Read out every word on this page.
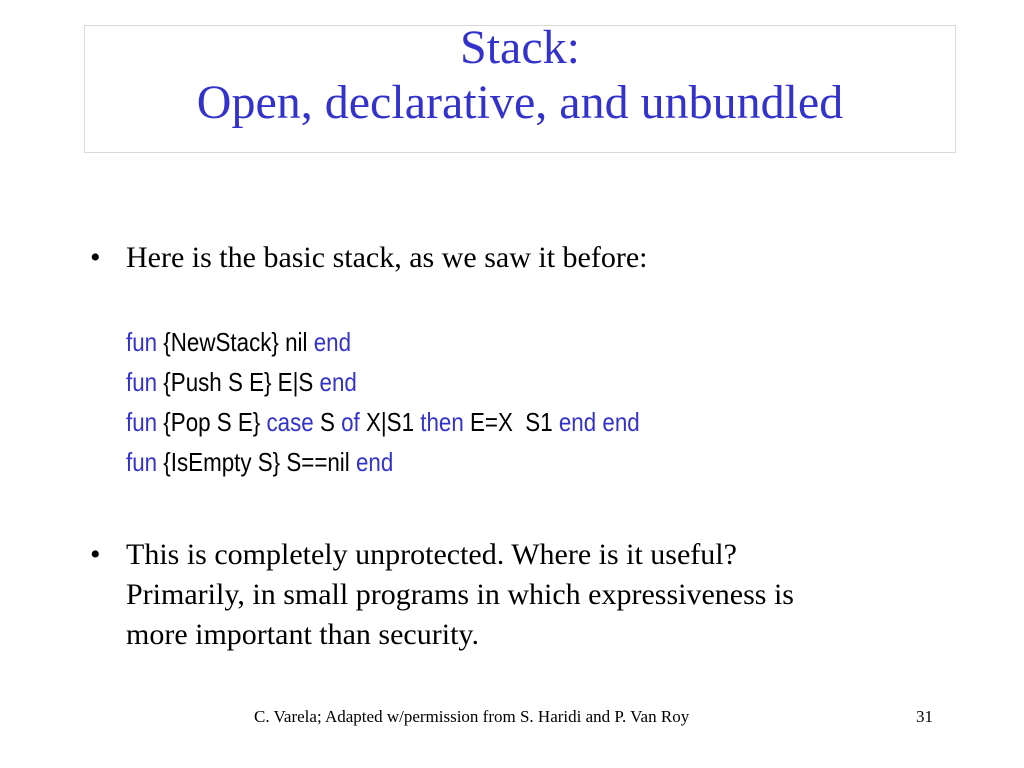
Stack:
Open, declarative, and unbundled
• Here is the basic stack, as we saw it before:
fun {NewStack} nil end
fun {Push S E} E|S end
fun {Pop S E} case S of X|S1 then E=X  S1 end end
fun {IsEmpty S} S==nil end
• This is completely unprotected. Where is it useful?
Primarily, in small programs in which expressiveness is
more important than security.
C. Varela; Adapted w/permission from S. Haridi and P. Van Roy	31
